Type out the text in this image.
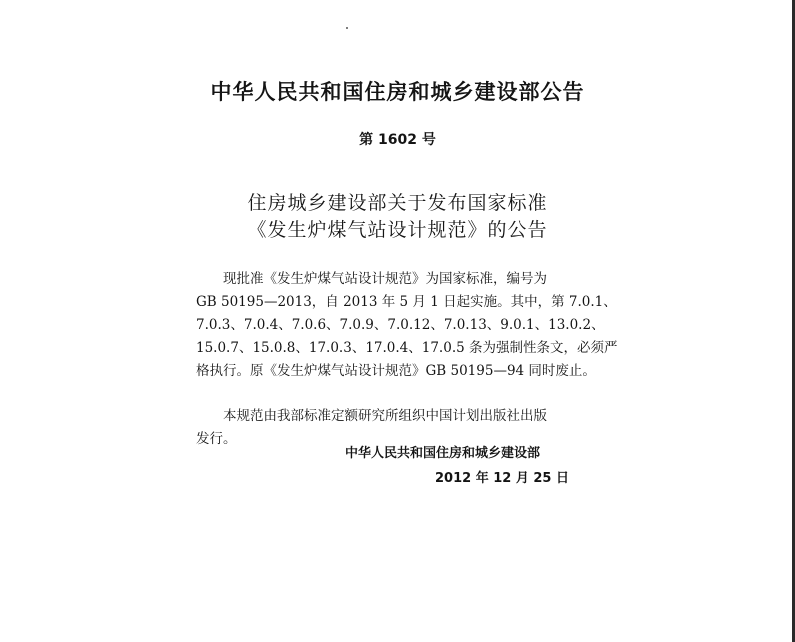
中华人民共和国住房和城乡建设部公告
第 1602 号
住房城乡建设部关于发布国家标准
《发生炉煤气站设计规范》的公告
现批准《发生炉煤气站设计规范》为国家标准，编号为
GB 50195—2013，自 2013 年 5 月 1 日起实施。其中，第 7.0.1、
7.0.3、7.0.4、7.0.6、7.0.9、7.0.12、7.0.13、9.0.1、13.0.2、
15.0.7、15.0.8、17.0.3、17.0.4、17.0.5 条为强制性条文，必须严
格执行。原《发生炉煤气站设计规范》GB 50195—94 同时废止。
本规范由我部标准定额研究所组织中国计划出版社出版
发行。
中华人民共和国住房和城乡建设部
2012 年 12 月 25 日
